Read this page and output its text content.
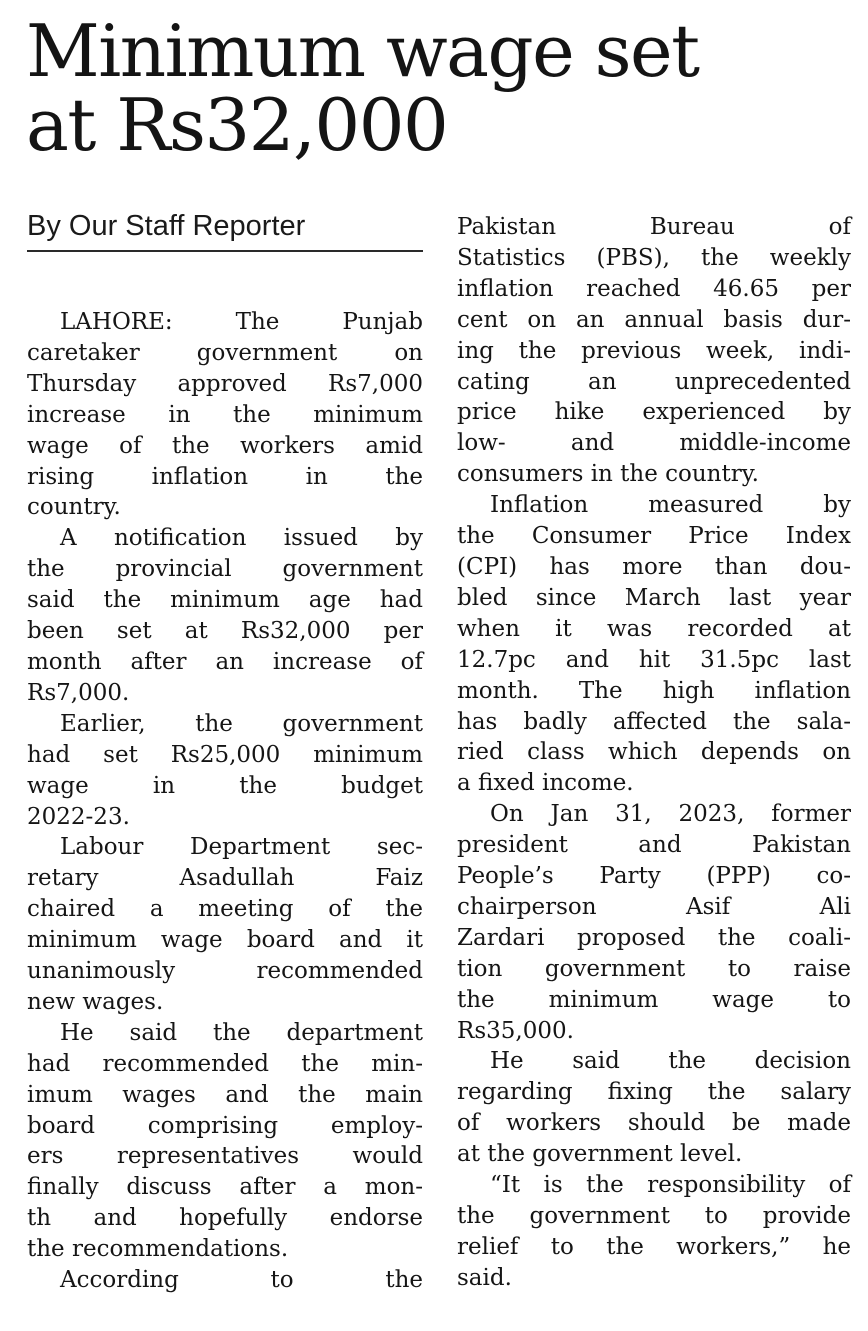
Minimum wage set
at Rs32,000
By Our Staff Reporter

LAHORE: The Punjab
caretaker government on
Thursday approved Rs7,000
increase in the minimum
wage of the workers amid
rising inflation in the
country.

A notification issued by
the provincial government
said the minimum age had
been set at Rs32,000 per
month after an increase of
Rs7,000.

Earlier, the government
had set Rs25,000 minimum
wage in the budget
2022-23.

Labour Department sec-
retary Asadullah Faiz
chaired a meeting of the
minimum wage board and it
unanimously recommended
new wages.

He said the department
had recommended the min-
imum wages and the main
board comprising employ-
ers representatives would
finally discuss after a mon-
th and hopefully endorse
the recommendations.

According to the

Pakistan Bureau of
Statistics (PBS), the weekly
inflation reached 46.65 per
cent on an annual basis dur-
ing the previous week, indi-
cating an unprecedented
price hike experienced by
low- and middle-income
consumers in the country.

Inflation measured by
the Consumer Price Index
(CPI) has more than dou-
bled since March last year
when it was recorded at
12.7pc and hit 31.5pc last
month. The high inflation
has badly affected the sala-
ried class which depends on
a fixed income.

On Jan 31, 2023, former
president and Pakistan
People’s Party (PPP) co-
chairperson Asif Ali
Zardari proposed the coali-
tion government to raise
the minimum wage to
Rs35,000.

He said the decision
regarding fixing the salary
of workers should be made
at the government level.

“It is the responsibility of
the government to provide
relief to the workers,” he
said.
